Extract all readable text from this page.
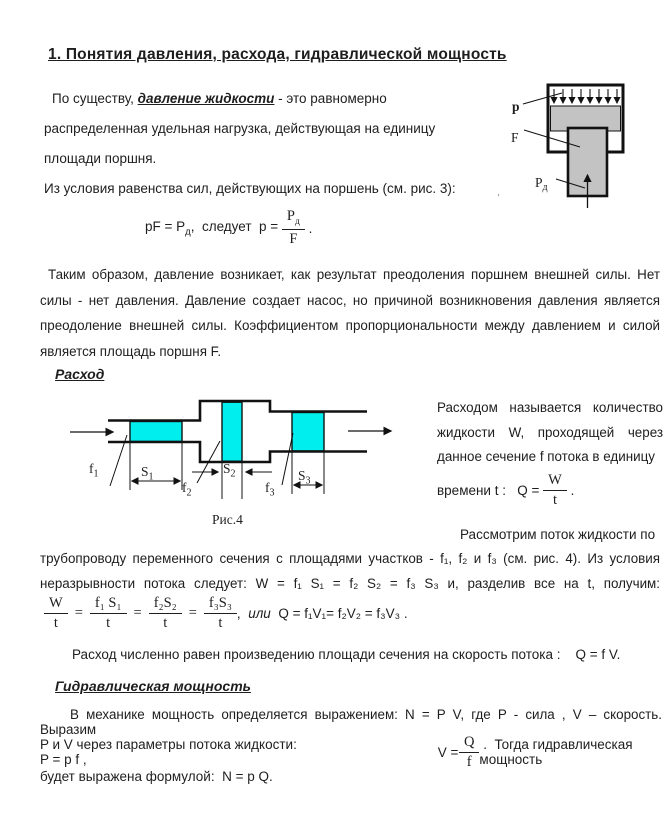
1. Понятия давления, расхода, гидравлической мощность
По существу, давление жидкости - это равномерно
распределенная удельная нагрузка, действующая на единицу
площади поршня.
Из условия равенства сил, действующих на поршень (см. рис. 3):
p
F
$P_д$
'
pF = $P_д$,  следует  $p = \frac{P_д}{F}$ .
Таким образом, давление возникает, как результат преодоления поршнем внешней силы. Нет силы - нет давления. Давление создает насос, но причиной возникновения давления является преодоление внешней силы. Коэффициентом пропорциональности между давлением и силой является площадь поршня F.
Расход
$f_1$	$S_1$
$f_2$
$S_2$
$f_3$
$S_3$
Рис.4
Расходом называется количество жидкости W, проходящей через данное сечение f потока в единицу
времени t :   $Q = \frac{W}{t}$ .
Рассмотрим поток жидкости по
трубопроводу переменного сечения с площадями участков - f₁, f₂ и f₃ (см. рис. 4). Из условия
неразрывности потока следует: W = f₁ S₁ = f₂ S₂ = f₃ S₃ и, разделив все на t, получим:
$\frac{W}{t} = \frac{\text{f₁ S₁}}{t} = \frac{\text{f₂S₂}}{t} = \frac{\text{f₃S₃}}{t}$ ,  или  Q = f₁V₁= f₂V₂ = f₃V₃ .
Расход численно равен произведению площади сечения на скорость потока :    Q = f V.
Гидравлическая мощность
В механике мощность определяется выражением: N = P V, где P - сила , V – скорость. Выразим
P и V через параметры потока жидкости:  P = p f ,	V =
$\frac{Q}{f}$ .  Тогда гидравлическая мощность
будет выражена формулой:  N = p Q.
